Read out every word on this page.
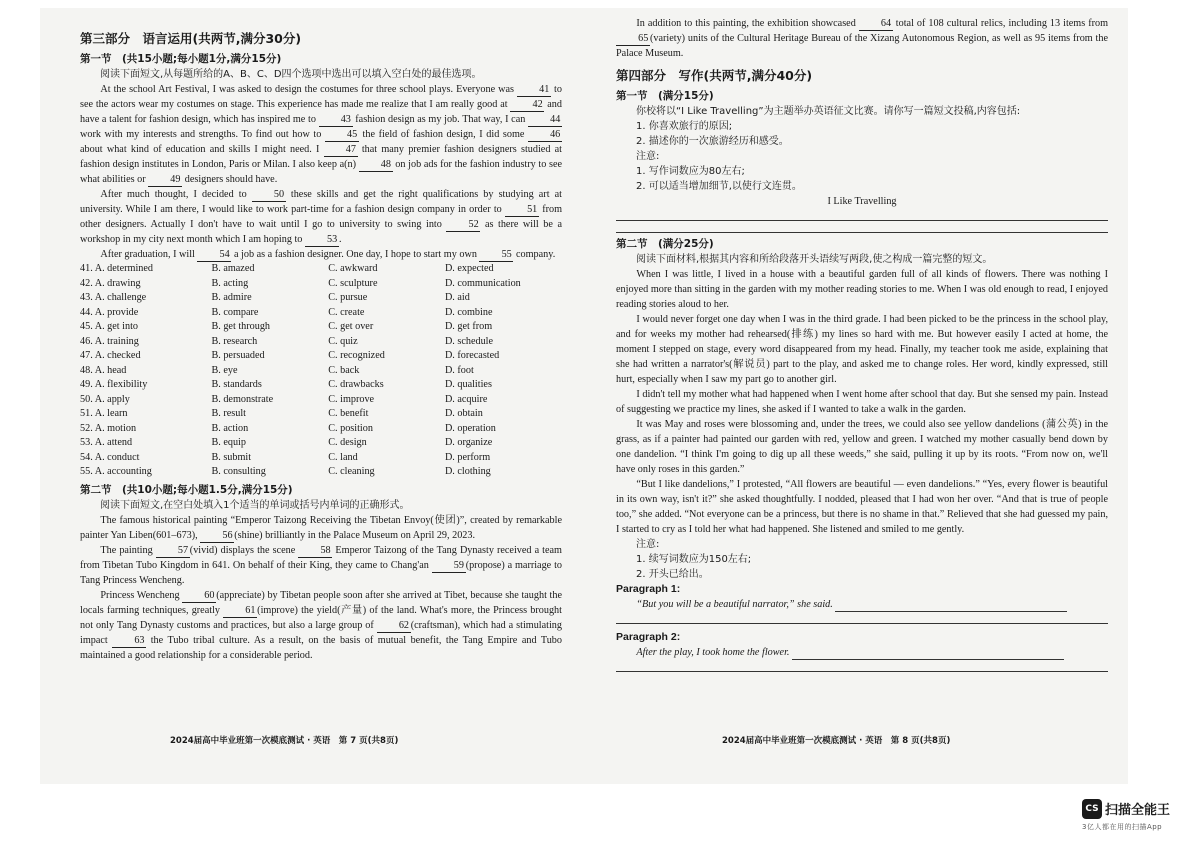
第三部分　语言运用(共两节,满分30分)
第一节　(共15小题;每小题1分,满分15分)

阅读下面短文,从每题所给的A、B、C、D四个选项中选出可以填入空白处的最佳选项。

At the school Art Festival, I was asked to design the costumes for three school plays. Everyone was 41 to see the actors wear my costumes on stage. This experience has made me realize that I am really good at 42 and have a talent for fashion design, which has inspired me to 43 fashion design as my job. That way, I can 44 work with my interests and strengths. To find out how to 45 the field of fashion design, I did some 46 about what kind of education and skills I might need. I 47 that many premier fashion designers studied at fashion design institutes in London, Paris or Milan. I also keep a(n) 48 on job ads for the fashion industry to see what abilities or 49 designers should have.

After much thought, I decided to 50 these skills and get the right qualifications by studying art at university. While I am there, I would like to work part-time for a fashion design company in order to 51 from other designers. Actually I don't have to wait until I go to university to swing into 52 as there will be a workshop in my city next month which I am hoping to 53 .

After graduation, I will 54 a job as a fashion designer. One day, I hope to start my own 55 company.

41. A. determined	B. amazed	C. awkward	D. expected
42. A. drawing	B. acting	C. sculpture	D. communication
43. A. challenge	B. admire	C. pursue	D. aid
44. A. provide	B. compare	C. create	D. combine
45. A. get into	B. get through	C. get over	D. get from
46. A. training	B. research	C. quiz	D. schedule
47. A. checked	B. persuaded	C. recognized	D. forecasted
48. A. head	B. eye	C. back	D. foot
49. A. flexibility	B. standards	C. drawbacks	D. qualities
50. A. apply	B. demonstrate	C. improve	D. acquire
51. A. learn	B. result	C. benefit	D. obtain
52. A. motion	B. action	C. position	D. operation
53. A. attend	B. equip	C. design	D. organize
54. A. conduct	B. submit	C. land	D. perform
55. A. accounting	B. consulting	C. cleaning	D. clothing
第二节　(共10小题;每小题1.5分,满分15分)

阅读下面短文,在空白处填入1个适当的单词或括号内单词的正确形式。

The famous historical painting “Emperor Taizong Receiving the Tibetan Envoy(使团)”, created by remarkable painter Yan Liben(601–673), 56 (shine) brilliantly in the Palace Museum on April 29, 2023.

The painting 57 (vivid) displays the scene 58 Emperor Taizong of the Tang Dynasty received a team from Tibetan Tubo Kingdom in 641. On behalf of their King, they came to Chang'an 59 (propose) a marriage to Tang Princess Wencheng.

Princess Wencheng 60 (appreciate) by Tibetan people soon after she arrived at Tibet, because she taught the locals farming techniques, greatly 61 (improve) the yield(产量) of the land. What's more, the Princess brought not only Tang Dynasty customs and practices, but also a large group of 62 (craftsman), which had a stimulating impact 63 the Tubo tribal culture. As a result, on the basis of mutual benefit, the Tang Empire and Tubo maintained a good relationship for a considerable period.

2024届高中毕业班第一次模底测试 · 英语　第 7 页(共8页)

In addition to this painting, the exhibition showcased 64 total of 108 cultural relics, including 13 items from 65 (variety) units of the Cultural Heritage Bureau of the Xizang Autonomous Region, as well as 95 items from the Palace Museum.

第四部分　写作(共两节,满分40分)
第一节　(满分15分)
你校将以“I Like Travelling”为主题举办英语征文比赛。请你写一篇短文投稿,内容包括:
1. 你喜欢旅行的原因;
2. 描述你的一次旅游经历和感受。
注意:
1. 写作词数应为80左右;
2. 可以适当增加细节,以使行文连贯。
I Like Travelling
第二节　(满分25分)

阅读下面材料,根据其内容和所给段落开头语续写两段,使之构成一篇完整的短文。

When I was little, I lived in a house with a beautiful garden full of all kinds of flowers. There was nothing I enjoyed more than sitting in the garden with my mother reading stories to me. When I was old enough to read, I enjoyed reading stories aloud to her.

I would never forget one day when I was in the third grade. I had been picked to be the princess in the school play, and for weeks my mother had rehearsed(排练) my lines so hard with me. But however easily I acted at home, the moment I stepped on stage, every word disappeared from my head. Finally, my teacher took me aside, explaining that she had written a narrator's(解说员) part to the play, and asked me to change roles. Her word, kindly expressed, still hurt, especially when I saw my part go to another girl.

I didn't tell my mother what had happened when I went home after school that day. But she sensed my pain. Instead of suggesting we practice my lines, she asked if I wanted to take a walk in the garden.

It was May and roses were blossoming and, under the trees, we could also see yellow dandelions (蒲公英) in the grass, as if a painter had painted our garden with red, yellow and green. I watched my mother casually bend down by one dandelion. “I think I'm going to dig up all these weeds,” she said, pulling it up by its roots. “From now on, we'll have only roses in this garden.”

“But I like dandelions,” I protested, “All flowers are beautiful — even dandelions.” “Yes, every flower is beautiful in its own way, isn't it?” she asked thoughtfully. I nodded, pleased that I had won her over. “And that is true of people too,” she added. “Not everyone can be a princess, but there is no shame in that.” Relieved that she had guessed my pain, I started to cry as I told her what had happened. She listened and smiled to me gently.

注意:
1. 续写词数应为150左右;
2. 开头已给出。
Paragraph 1:
“But you will be a beautiful narrator,” she said.
Paragraph 2:
After the play, I took home the flower.
2024届高中毕业班第一次模底测试 · 英语　第 8 页(共8页)
CS 扫描全能王
3亿人都在用的扫描App
